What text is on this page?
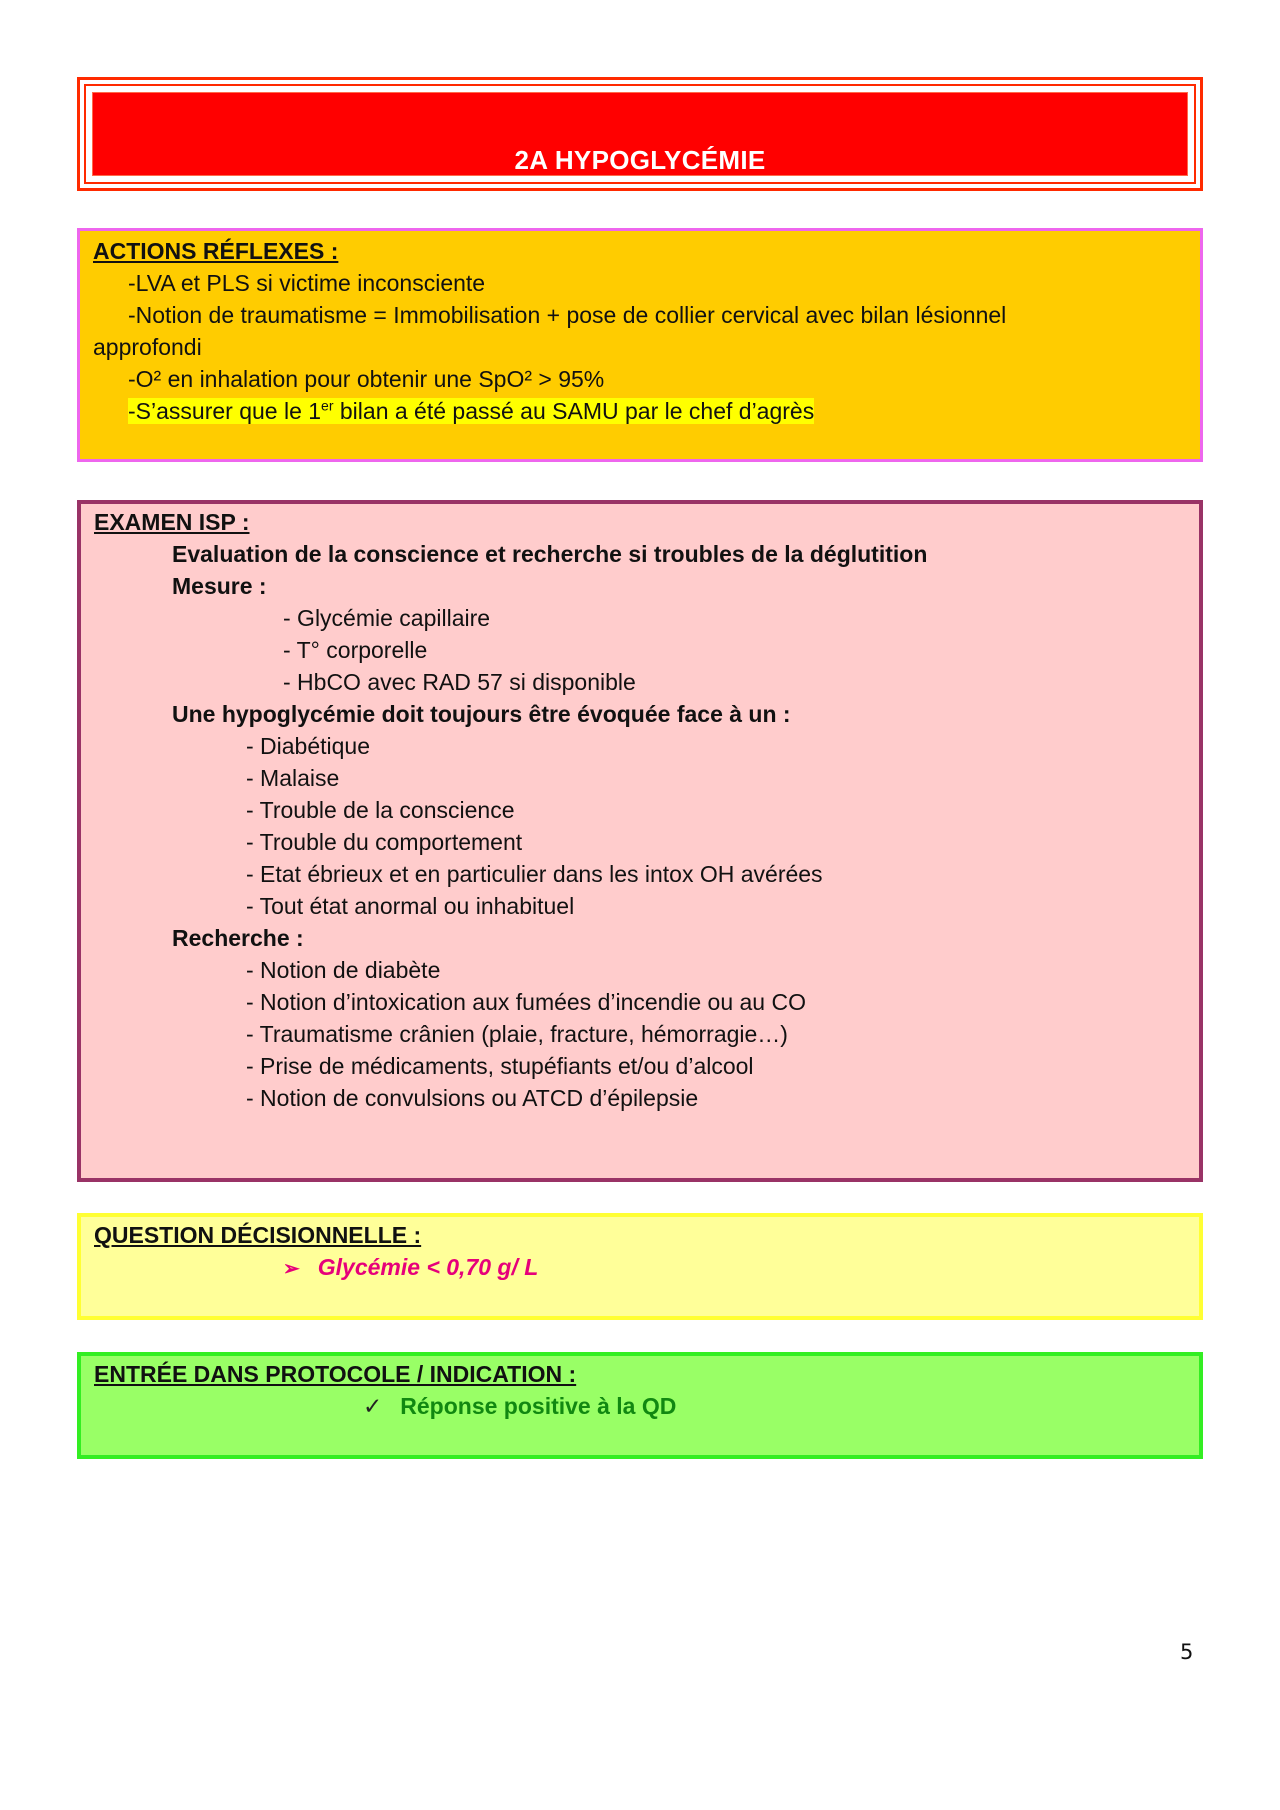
2A HYPOGLYCÉMIE
ACTIONS RÉFLEXES :
-LVA et PLS si victime inconsciente
-Notion de traumatisme = Immobilisation + pose de collier cervical avec bilan lésionnel
approfondi
-O² en inhalation pour obtenir une SpO² > 95%
-S’assurer que le 1er bilan a été passé au SAMU par le chef d’agrès
EXAMEN ISP :
Evaluation de la conscience et recherche si troubles de la déglutition
Mesure :
- Glycémie capillaire
- T° corporelle
- HbCO avec RAD 57 si disponible
Une hypoglycémie doit toujours être évoquée face à un :
- Diabétique
- Malaise
- Trouble de la conscience
- Trouble du comportement
- Etat ébrieux et en particulier dans les intox OH avérées
- Tout état anormal ou inhabituel
Recherche :
- Notion de diabète
- Notion d’intoxication aux fumées d’incendie ou au CO
- Traumatisme crânien (plaie, fracture, hémorragie…)
- Prise de médicaments, stupéfiants et/ou d’alcool
- Notion de convulsions ou ATCD d’épilepsie
QUESTION DÉCISIONNELLE :
➢ Glycémie < 0,70 g/ L
ENTRÉE DANS PROTOCOLE / INDICATION :
✓ Réponse positive à la QD
5
